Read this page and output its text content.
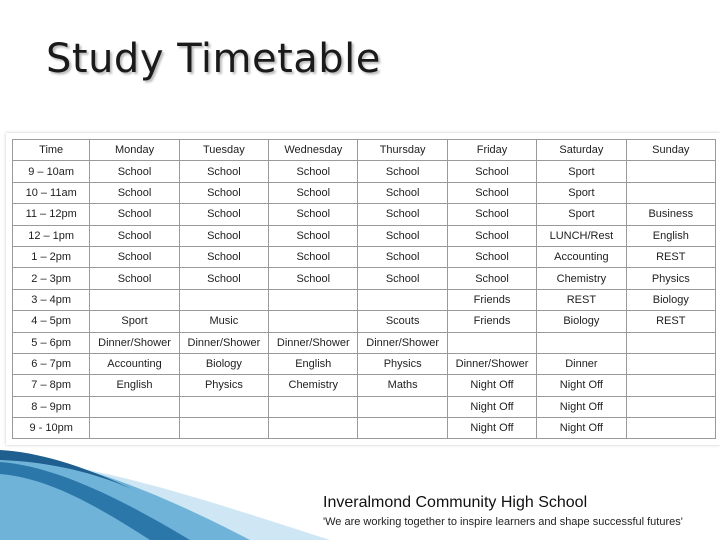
Study Timetable
Time	Monday	Tuesday	Wednesday	Thursday	Friday	Saturday	Sunday
9 – 10am	School	School	School	School	School	Sport	
10 – 11am	School	School	School	School	School	Sport	
11 – 12pm	School	School	School	School	School	Sport	Business
12 – 1pm	School	School	School	School	School	LUNCH/Rest	English
1 – 2pm	School	School	School	School	School	Accounting	REST
2 – 3pm	School	School	School	School	School	Chemistry	Physics
3 – 4pm					Friends	REST	Biology
4 – 5pm	Sport	Music		Scouts	Friends	Biology	REST
5 – 6pm	Dinner/Shower	Dinner/Shower	Dinner/Shower	Dinner/Shower			
6 – 7pm	Accounting	Biology	English	Physics	Dinner/Shower	Dinner	
7 – 8pm	English	Physics	Chemistry	Maths	Night Off	Night Off	
8 – 9pm					Night Off	Night Off	
9 - 10pm					Night Off	Night Off	
Inveralmond Community High School
'We are working together to inspire learners and shape successful futures'
